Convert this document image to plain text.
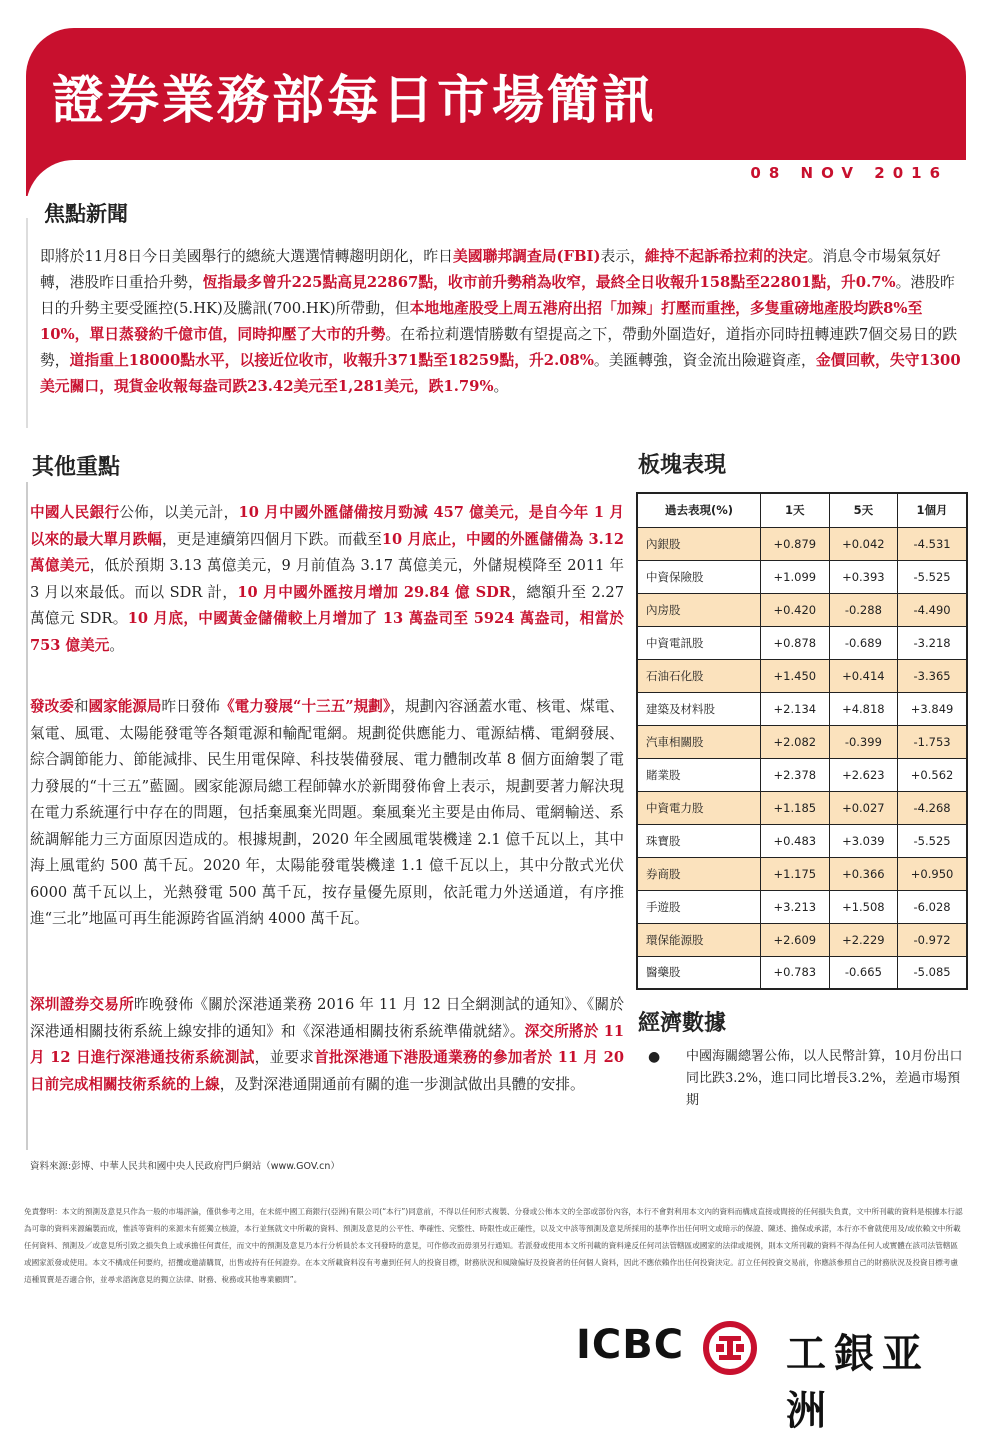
證券業務部每日市場簡訊
08 NOV 2016
焦點新聞
即將於11月8日今日美國舉行的總統大選選情轉趨明朗化，昨日美國聯邦調查局(FBI)表示，維持不起訴希拉莉的決定。消息令市場氣氛好轉，港股昨日重拾升勢，恆指最多曾升225點高見22867點，收市前升勢稍為收窄，最終全日收報升158點至22801點，升0.7%。港股昨日的升勢主要受匯控(5.HK)及騰訊(700.HK)所帶動，但本地地產股受上周五港府出招「加辣」打壓而重挫，多隻重磅地產股均跌8%至10%，單日蒸發約千億市值，同時抑壓了大市的升勢。在希拉莉選情勝數有望提高之下，帶動外圍造好，道指亦同時扭轉連跌7個交易日的跌勢，道指重上18000點水平，以接近位收市，收報升371點至18259點，升2.08%。美匯轉強，資金流出險避資產，金價回軟，失守1300美元關口，現貨金收報每盎司跌23.42美元至1,281美元，跌1.79%。
其他重點
中國人民銀行公佈，以美元計，10 月中國外匯儲備按月勁減 457 億美元，是自今年 1 月以來的最大單月跌幅，更是連續第四個月下跌。而截至10 月底止，中國的外匯儲備為 3.12 萬億美元，低於預期 3.13 萬億美元，9 月前值為 3.17 萬億美元，外儲規模降至 2011 年 3 月以來最低。而以 SDR 計，10 月中國外匯按月增加 29.84 億 SDR，總額升至 2.27 萬億元 SDR。10 月底，中國黃金儲備較上月增加了 13 萬盎司至 5924 萬盎司，相當於 753 億美元。
發改委和國家能源局昨日發佈《電力發展“十三五”規劃》，規劃內容涵蓋水電、核電、煤電、氣電、風電、太陽能發電等各類電源和輸配電網。規劃從供應能力、電源結構、電網發展、綜合調節能力、節能減排、民生用電保障、科技裝備發展、電力體制改革 8 個方面繪製了電力發展的“十三五”藍圖。國家能源局總工程師韓水於新聞發佈會上表示，規劃要著力解決現在電力系統運行中存在的問題，包括棄風棄光問題。棄風棄光主要是由佈局、電網輸送、系統調解能力三方面原因造成的。根據規劃，2020 年全國風電裝機達 2.1 億千瓦以上，其中海上風電約 500 萬千瓦。2020 年，太陽能發電裝機達 1.1 億千瓦以上，其中分散式光伏 6000 萬千瓦以上，光熱發電 500 萬千瓦，按存量優先原則，依託電力外送通道，有序推進“三北”地區可再生能源跨省區消納 4000 萬千瓦。
深圳證券交易所昨晚發佈《關於深港通業務 2016 年 11 月 12 日全網測試的通知》、《關於深港通相關技術系統上線安排的通知》和《深港通相關技術系統準備就緒》。深交所將於 11 月 12 日進行深港通技術系統測試，並要求首批深港通下港股通業務的參加者於 11 月 20 日前完成相關技術系統的上線，及對深港通開通前有關的進一步測試做出具體的安排。
板塊表現
過去表現(%)	1天	5天	1個月
內銀股	+0.879	+0.042	-4.531
中資保險股	+1.099	+0.393	-5.525
內房股	+0.420	-0.288	-4.490
中資電訊股	+0.878	-0.689	-3.218
石油石化股	+1.450	+0.414	-3.365
建築及材料股	+2.134	+4.818	+3.849
汽車相關股	+2.082	-0.399	-1.753
賭業股	+2.378	+2.623	+0.562
中資電力股	+1.185	+0.027	-4.268
珠寶股	+0.483	+3.039	-5.525
券商股	+1.175	+0.366	+0.950
手遊股	+3.213	+1.508	-6.028
環保能源股	+2.609	+2.229	-0.972
醫藥股	+0.783	-0.665	-5.085
經濟數據
● 中國海關總署公佈，以人民幣計算，10月份出口同比跌3.2%，進口同比增長3.2%，差過市場預期
資料來源:彭博、中華人民共和國中央人民政府門戶網站（www.GOV.cn）
免責聲明：本文的預測及意見只作為一般的市場評論，僅供參考之用，在未經中國工商銀行(亞洲)有限公司(“本行”)同意前，不得以任何形式複製、分發或公佈本文的全部或部份內容，本行不會對利用本文內的資料而構成直接或間接的任何損失負責，文中所刊載的資料是根據本行認為可靠的資料來源編製而成，惟該等資料的來源未有經獨立核證，本行並無就文中所載的資料、預測及意見的公平性、準確性、完整性、時限性或正確性，以及文中該等預測及意見所採用的基準作出任何明文或暗示的保證、陳述、擔保或承諾，本行亦不會就使用及/或依賴文中所載任何資料、預測及／或意見所引致之損失負上或承擔任何責任，而文中的預測及意見乃本行分析員於本文刊發時的意見，可作修改而毋須另行通知。若派發或使用本文所刊載的資料違反任何司法管轄區或國家的法律或規例，則本文所刊載的資料不得為任何人或實體在該司法管轄區或國家派發或使用。本文不構成任何要約，招攬或邀請購買，出售或持有任何證券。在本文所載資料沒有考慮到任何人的投資目標，財務狀況和風險偏好及投資者的任何個人資料，因此不應依賴作出任何投資決定。訂立任何投資交易前，你應該參照自己的財務狀況及投資目標考慮這種買賣是否適合你，並尋求諮詢意見的獨立法律、財務、稅務或其他專業顧問”。
ICBC	工銀亚洲
